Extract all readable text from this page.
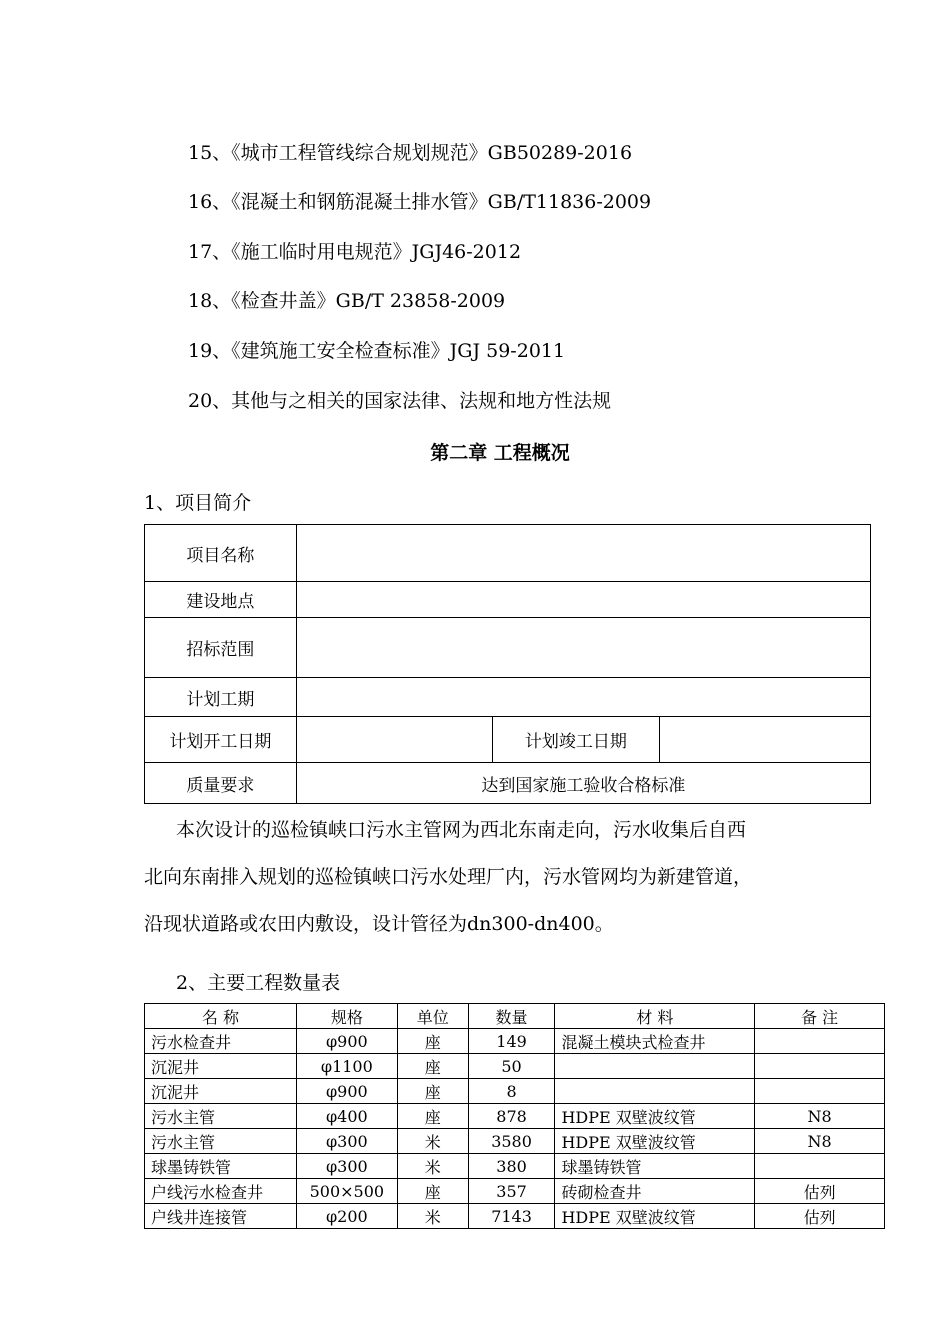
15、《城市工程管线综合规划规范》GB50289-2016
16、《混凝土和钢筋混凝土排水管》GB/T11836-2009
17、《施工临时用电规范》JGJ46-2012
18、《检查井盖》GB/T 23858-2009
19、《建筑施工安全检查标准》JGJ 59-2011
20、其他与之相关的国家法律、法规和地方性法规
第二章 工程概况
1、项目简介
项目名称			
建设地点			
招标范围			
计划工期			
计划开工日期		计划竣工日期	
质量要求	达到国家施工验收合格标准		
本次设计的巡检镇峡口污水主管网为西北东南走向，污水收集后自西
北向东南排入规划的巡检镇峡口污水处理厂内，污水管网均为新建管道，
沿现状道路或农田内敷设，设计管径为dn300-dn400。
2、主要工程数量表
名 称	规格	单位	数量	材 料	备 注
污水检查井	φ900	座	149	混凝土模块式检查井	
沉泥井	φ1100	座	50		
沉泥井	φ900	座	8		
污水主管	φ400	座	878	HDPE 双壁波纹管	N8
污水主管	φ300	米	3580	HDPE 双壁波纹管	N8
球墨铸铁管	φ300	米	380	球墨铸铁管	
户线污水检查井	500×500	座	357	砖砌检查井	估列
户线井连接管	φ200	米	7143	HDPE 双壁波纹管	估列
